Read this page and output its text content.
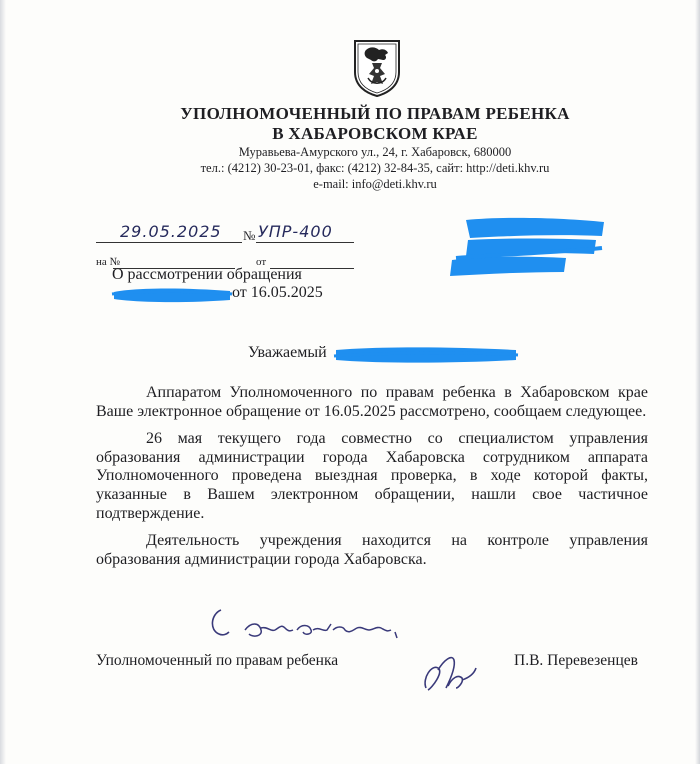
УПОЛНОМОЧЕННЫЙ ПО ПРАВАМ РЕБЕНКА

В ХАБАРОВСКОМ КРАЕ

Муравьева-Амурского ул., 24, г. Хабаровск, 680000

тел.: (4212) 30-23-01, факс: (4212) 32-84-35, сайт: http://deti.khv.ru

e-mail: info@deti.khv.ru

29.05.2025 № УПР-400
на №	от
О рассмотрении обращения
от 16.05.2025
Уважаемый

Аппаратом Уполномоченного по правам ребенка в Хабаровском крае Ваше электронное обращение от 16.05.2025 рассмотрено, сообщаем следующее.

26 мая текущего года совместно со специалистом управления образования администрации города Хабаровска сотрудником аппарата Уполномоченного проведена выездная проверка, в ходе которой факты, указанные в Вашем электронном обращении, нашли свое частичное подтверждение.

Деятельность учреждения находится на контроле управления образования администрации города Хабаровска.

Уполномоченный по правам ребенка	П.В. Перевезенцев
